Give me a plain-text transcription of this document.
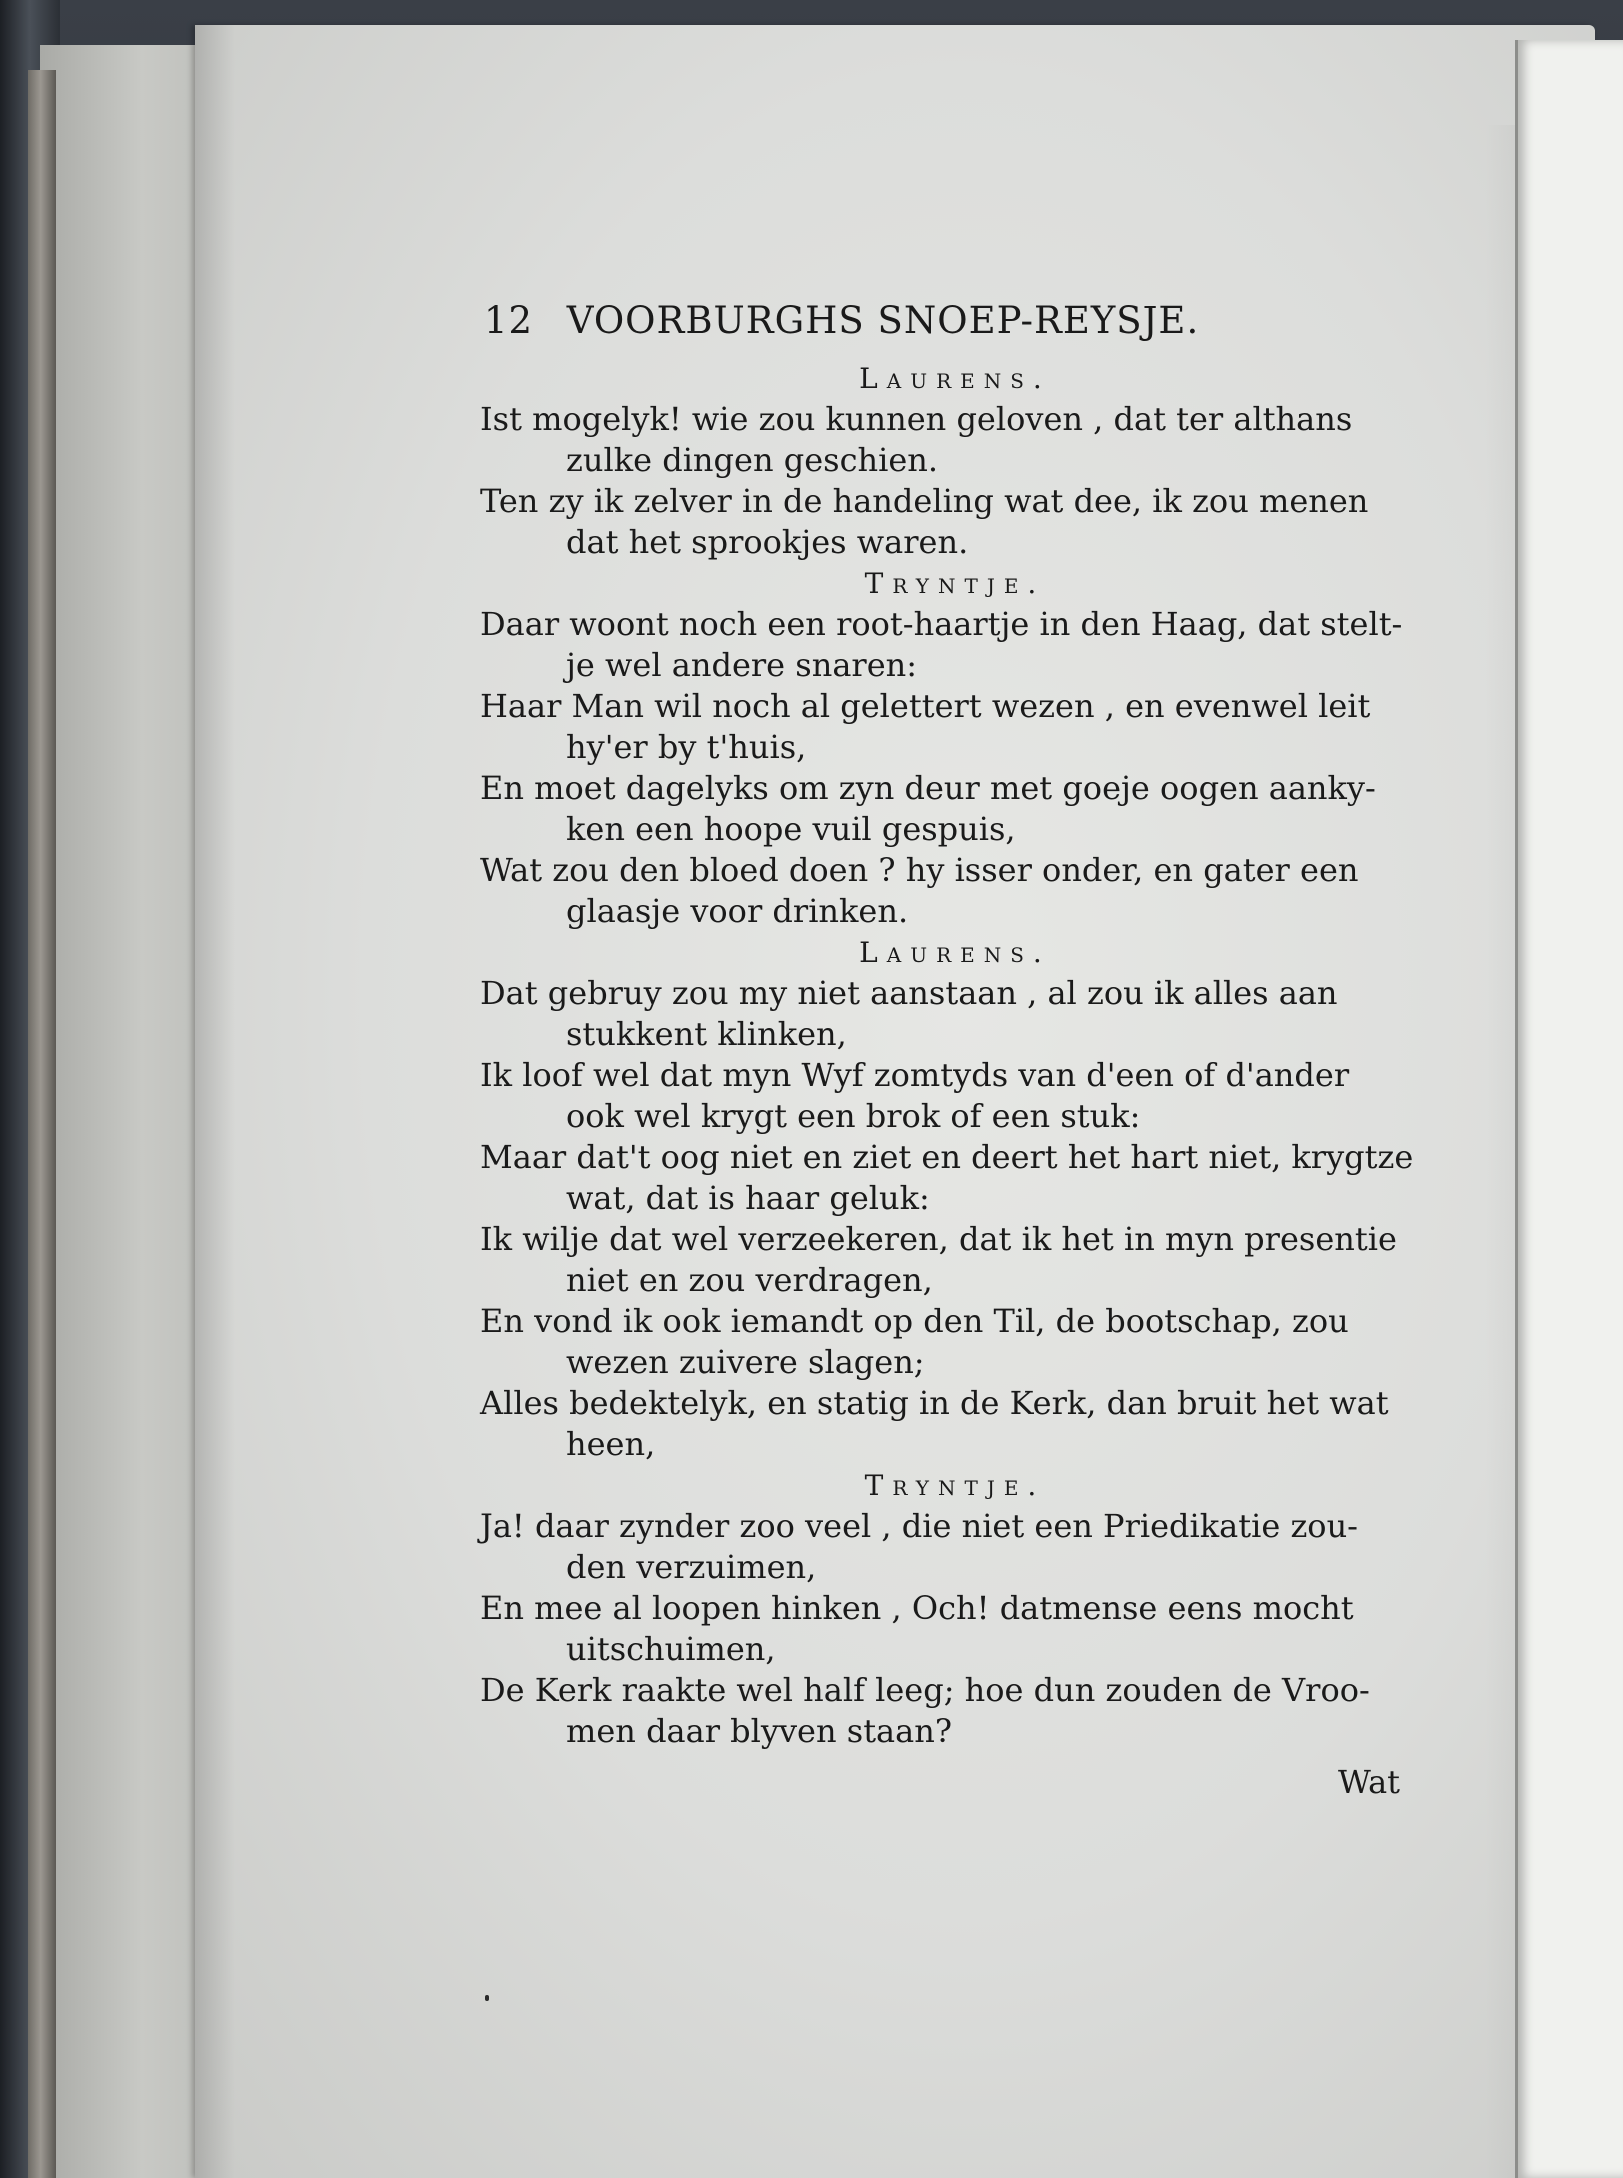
12 VOORBURGHS SNOEP-REYSJE.
Laurens.
Ist mogelyk! wie zou kunnen geloven , dat ter althans
zulke dingen geschien.
Ten zy ik zelver in de handeling wat dee, ik zou menen
dat het sprookjes waren.
Tryntje.
Daar woont noch een root-haartje in den Haag, dat stelt-
je wel andere snaren:
Haar Man wil noch al gelettert wezen , en evenwel leit
hy'er by t'huis,
En moet dagelyks om zyn deur met goeje oogen aanky-
ken een hoope vuil gespuis,
Wat zou den bloed doen ? hy isser onder, en gater een
glaasje voor drinken.
Laurens.
Dat gebruy zou my niet aanstaan , al zou ik alles aan
stukkent klinken,
Ik loof wel dat myn Wyf zomtyds van d'een of d'ander
ook wel krygt een brok of een stuk:
Maar dat't oog niet en ziet en deert het hart niet, krygtze
wat, dat is haar geluk:
Ik wilje dat wel verzeekeren, dat ik het in myn presentie
niet en zou verdragen,
En vond ik ook iemandt op den Til, de bootschap, zou
wezen zuivere slagen;
Alles bedektelyk, en statig in de Kerk, dan bruit het wat
heen,
Tryntje.
Ja! daar zynder zoo veel , die niet een Priedikatie zou-
den verzuimen,
En mee al loopen hinken , Och! datmense eens mocht
uitschuimen,
De Kerk raakte wel half leeg; hoe dun zouden de Vroo-
men daar blyven staan?
Wat
